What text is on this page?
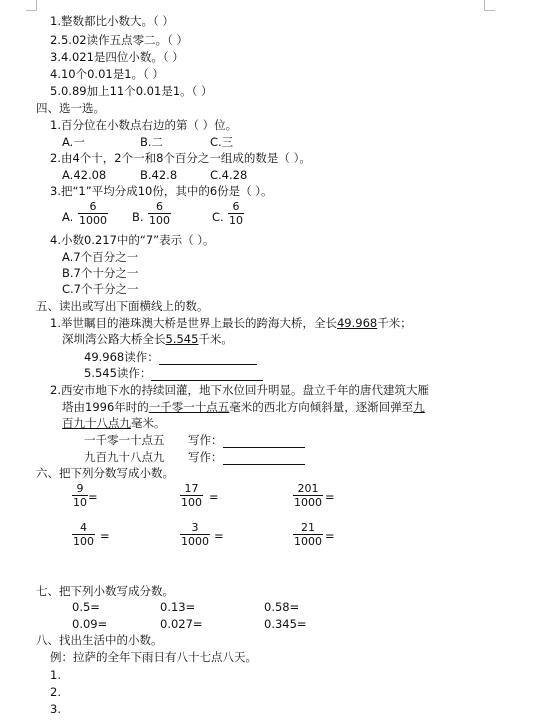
1.整数都比小数大。（ ）
2.5.02读作五点零二。（ ）
3.4.021是四位小数。（ ）
4.10个0.01是1。（ ）
5.0.89加上11个0.01是1。（ ）
四、选一选。
1.百分位在小数点右边的第（ ）位。
A.一	B.二	C.三
2.由4个十，2个一和8个百分之一组成的数是（ ）。
A.42.08	B.42.8	C.4.28
3.把“1”平均分成10份，其中的6份是（ ）。
A. $\frac{6}{1000} B$. $\frac{6}{100}$	C. $\frac{6}{10}$
4.小数0.217中的“7”表示（ ）。
A.7个百分之一
B.7个十分之一
C.7个千分之一
五、读出或写出下面横线上的数。
1.举世瞩目的港珠澳大桥是世界上最长的跨海大桥，全长49.968千米；
深圳湾公路大桥全长5.545千米。
49.968读作：
5.545读作：
2.西安市地下水的持续回灌，地下水位回升明显。盘立千年的唐代建筑大雁
塔由1996年时的一千零一十点五毫米的西北方向倾斜量，逐渐回弹至九
百九十八点九毫米。
一千零一十点五 写作：
九百九十八点九 写作：
六、把下列分数写成小数。
$\frac{9}{10}$ =	$\frac{17}{100}$ =	$\frac{201}{1000}$ =
$\frac{4}{100}$ =	$\frac{3}{1000}$ =	$\frac{21}{1000}$ =
七、把下列小数写成分数。
0.5=	0.13=	0.58=
0.09=	0.027=	0.345=
八、找出生活中的小数。
例：拉萨的全年下雨日有八十七点八天。
1.
2.
3.
